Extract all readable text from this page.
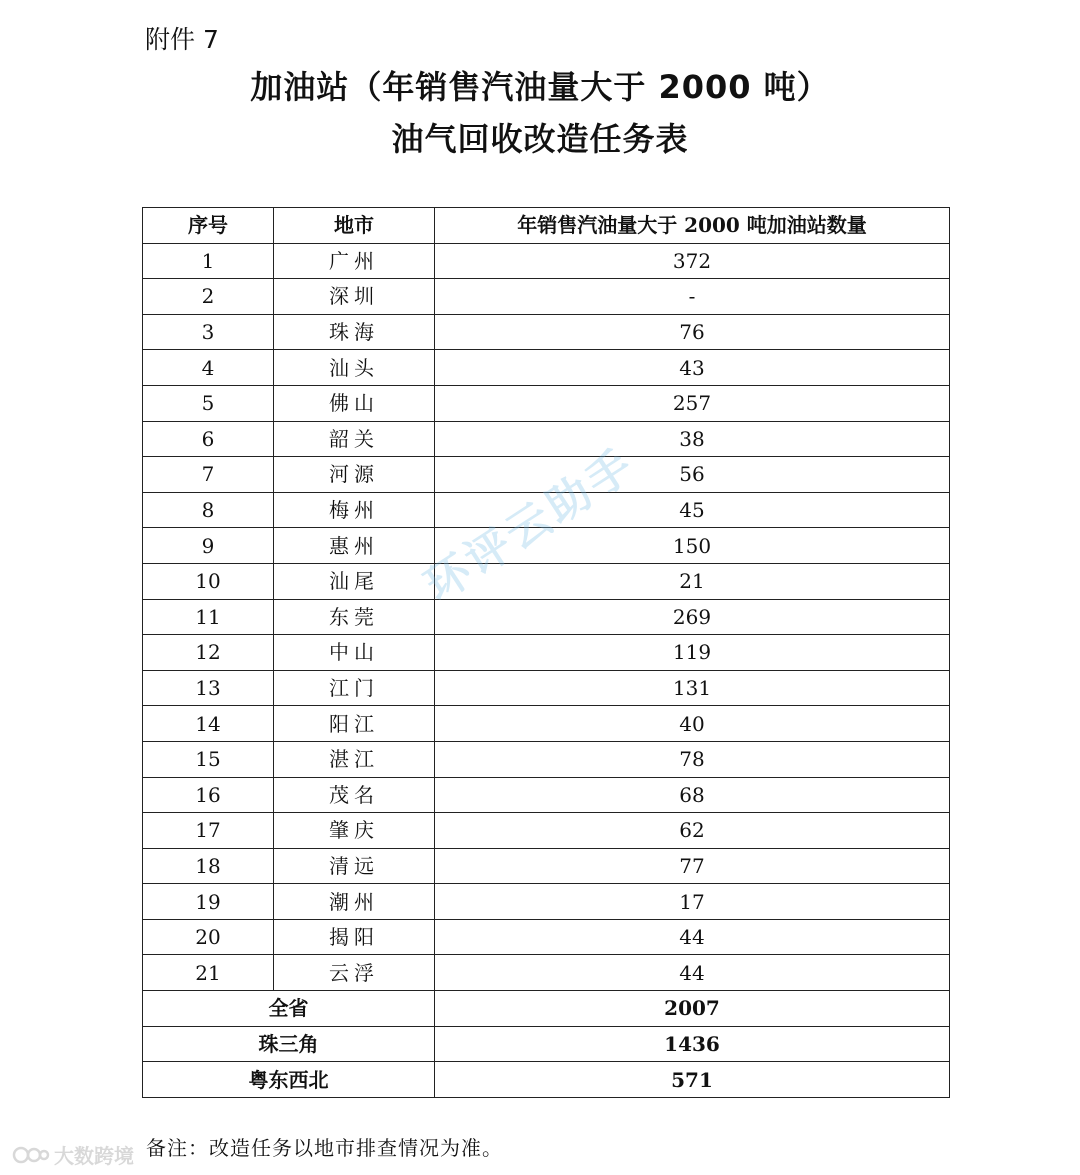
附件 7
加油站（年销售汽油量大于 2000 吨）
油气回收改造任务表
序号	地市	年销售汽油量大于 2000 吨加油站数量
1	广州	372
2	深圳	-
3	珠海	76
4	汕头	43
5	佛山	257
6	韶关	38
7	河源	56
8	梅州	45
9	惠州	150
10	汕尾	21
11	东莞	269
12	中山	119
13	江门	131
14	阳江	40
15	湛江	78
16	茂名	68
17	肇庆	62
18	清远	77
19	潮州	17
20	揭阳	44
21	云浮	44
全省		2007
珠三角		1436
粤东西北		571
备注：改造任务以地市排查情况为准。
环评云助手
大数跨境
